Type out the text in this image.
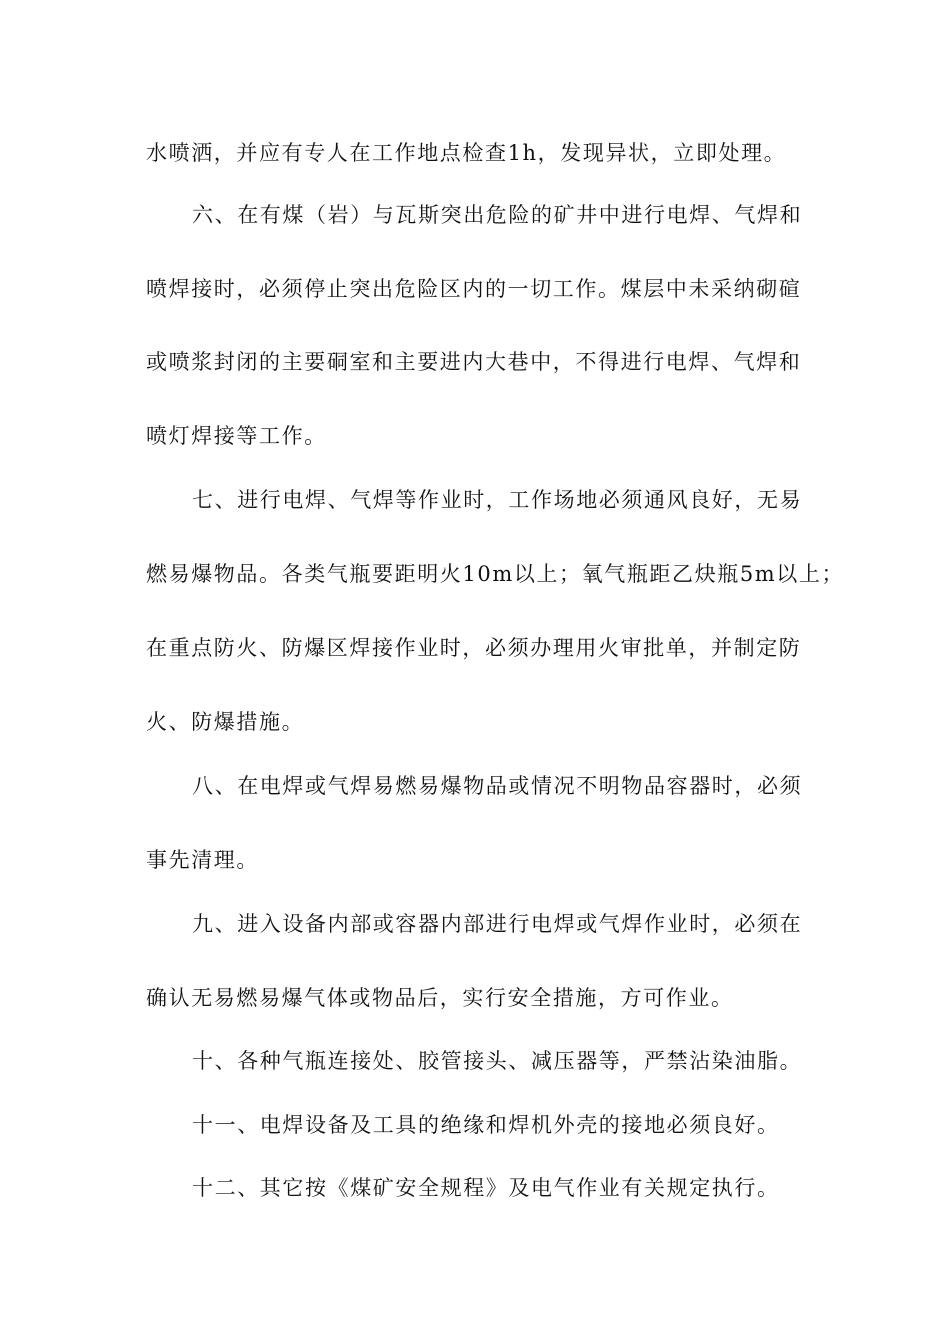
水喷洒，并应有专人在工作地点检查1h，发现异状，立即处理。
六、在有煤（岩）与瓦斯突出危险的矿井中进行电焊、气焊和
喷焊接时，必须停止突出危险区内的一切工作。煤层中未采纳砌碹
或喷浆封闭的主要硐室和主要进内大巷中，不得进行电焊、气焊和
喷灯焊接等工作。
七、进行电焊、气焊等作业时，工作场地必须通风良好，无易
燃易爆物品。各类气瓶要距明火10m以上；氧气瓶距乙炔瓶5m以上；
在重点防火、防爆区焊接作业时，必须办理用火审批单，并制定防
火、防爆措施。
八、在电焊或气焊易燃易爆物品或情况不明物品容器时，必须
事先清理。
九、进入设备内部或容器内部进行电焊或气焊作业时，必须在
确认无易燃易爆气体或物品后，实行安全措施，方可作业。
十、各种气瓶连接处、胶管接头、减压器等，严禁沾染油脂。
十一、电焊设备及工具的绝缘和焊机外壳的接地必须良好。
十二、其它按《煤矿安全规程》及电气作业有关规定执行。
